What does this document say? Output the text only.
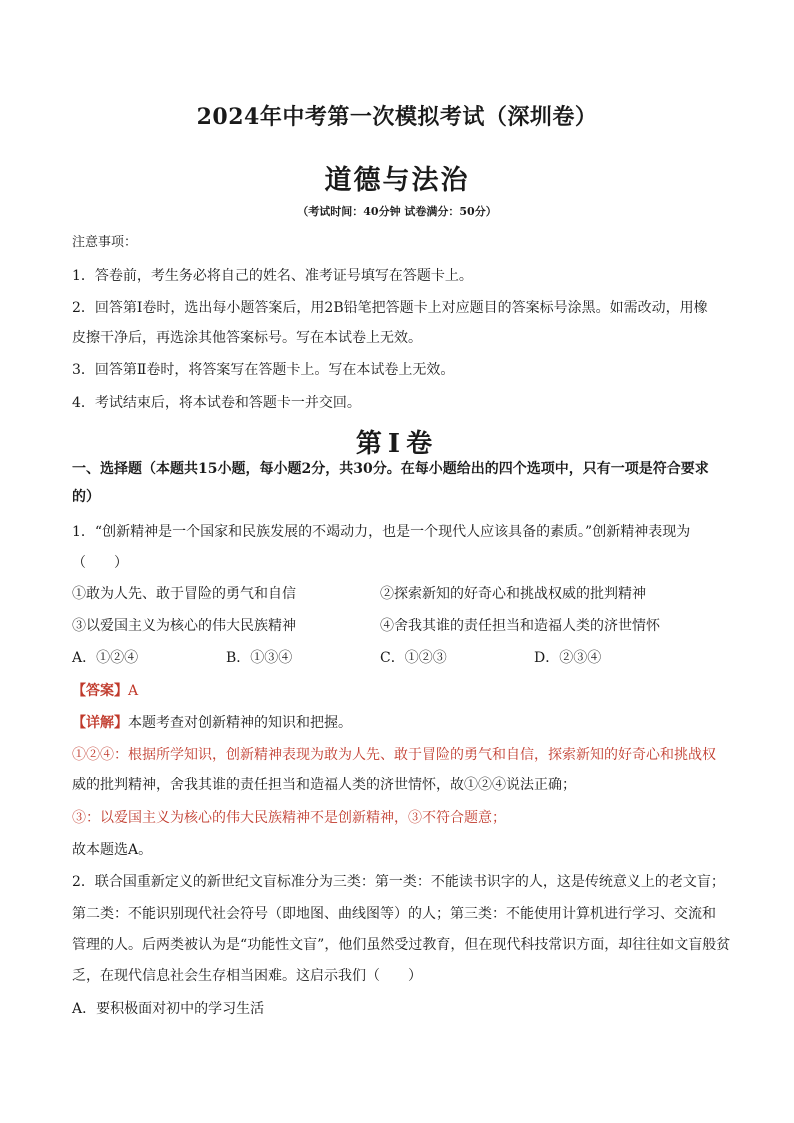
2024年中考第一次模拟考试（深圳卷）
道德与法治
（考试时间：40分钟 试卷满分：50分）
注意事项：
1．答卷前，考生务必将自己的姓名、准考证号填写在答题卡上。
2．回答第Ⅰ卷时，选出每小题答案后，用2B铅笔把答题卡上对应题目的答案标号涂黑。如需改动，用橡
皮擦干净后，再选涂其他答案标号。写在本试卷上无效。
3．回答第Ⅱ卷时，将答案写在答题卡上。写在本试卷上无效。
4．考试结束后，将本试卷和答题卡一并交回。
第Ⅰ卷
一、选择题（本题共15小题，每小题2分，共30分。在每小题给出的四个选项中，只有一项是符合要求
的）
1．“创新精神是一个国家和民族发展的不竭动力，也是一个现代人应该具备的素质。”创新精神表现为
（　　）
①敢为人先、敢于冒险的勇气和自信	②探索新知的好奇心和挑战权威的批判精神
③以爱国主义为核心的伟大民族精神	④舍我其谁的责任担当和造福人类的济世情怀
A．①②④	B．①③④	C．①②③	D．②③④
【答案】A
【详解】本题考查对创新精神的知识和把握。
①②④：根据所学知识，创新精神表现为敢为人先、敢于冒险的勇气和自信，探索新知的好奇心和挑战权
威的批判精神，舍我其谁的责任担当和造福人类的济世情怀，故①②④说法正确；
③：以爱国主义为核心的伟大民族精神不是创新精神，③不符合题意；
故本题选A。
2．联合国重新定义的新世纪文盲标准分为三类：第一类：不能读书识字的人，这是传统意义上的老文盲；
第二类：不能识别现代社会符号（即地图、曲线图等）的人；第三类：不能使用计算机进行学习、交流和
管理的人。后两类被认为是“功能性文盲”，他们虽然受过教育，但在现代科技常识方面，却往往如文盲般贫
乏，在现代信息社会生存相当困难。这启示我们（　　）
A．要积极面对初中的学习生活
